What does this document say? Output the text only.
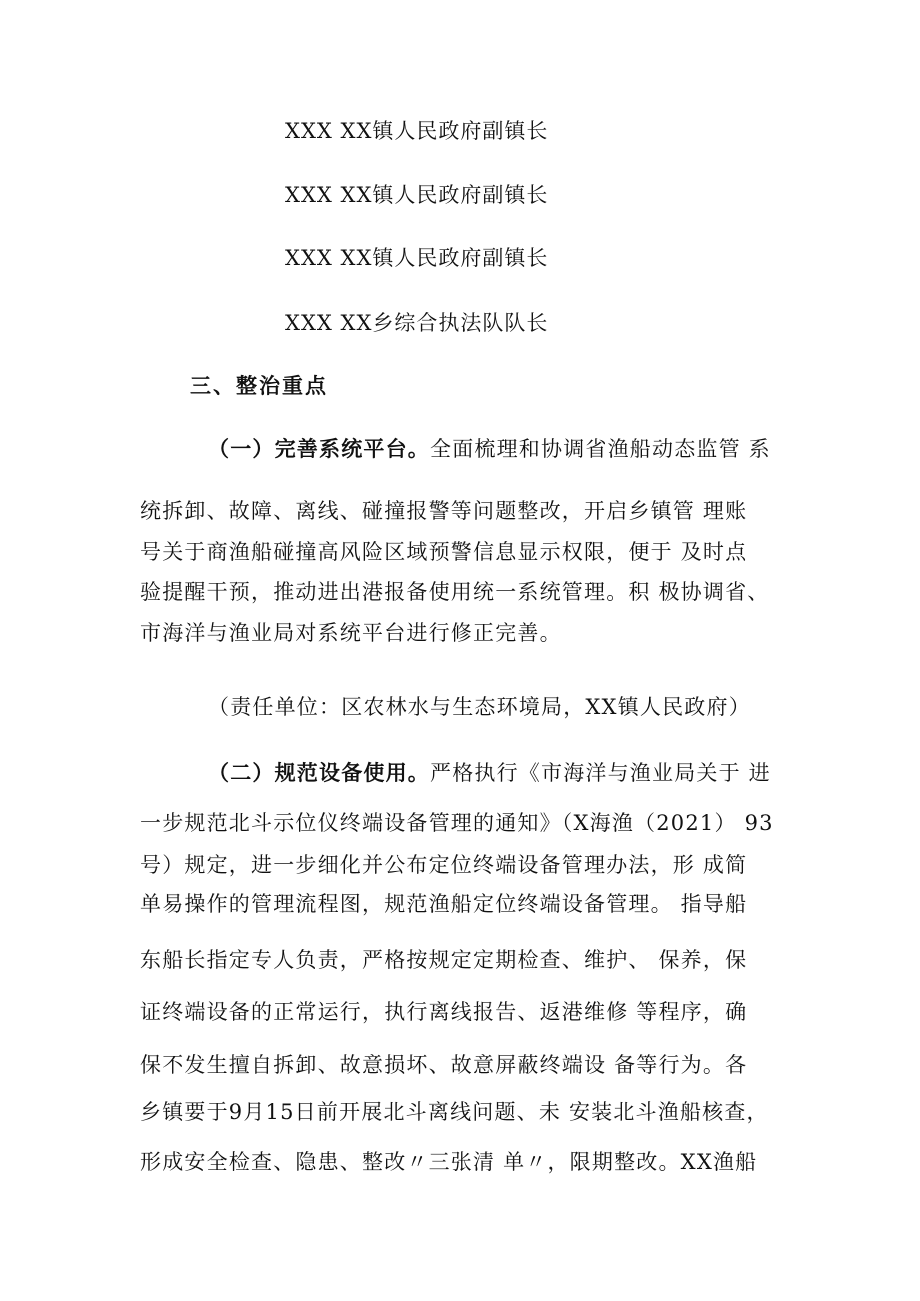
XXX XX镇人民政府副镇长
XXX XX镇人民政府副镇长
XXX XX镇人民政府副镇长
XXX XX乡综合执法队队长
三、整治重点
（一）完善系统平台。全面梳理和协调省渔船动态监管 系
统拆卸、故障、离线、碰撞报警等问题整改，开启乡镇管 理账
号关于商渔船碰撞高风险区域预警信息显示权限，便于 及时点
验提醒干预，推动进出港报备使用统一系统管理。积 极协调省、
市海洋与渔业局对系统平台进行修正完善。
（责任单位：区农林水与生态环境局，XX镇人民政府）
（二）规范设备使用。严格执行《市海洋与渔业局关于 进
一步规范北斗示位仪终端设备管理的通知》（X海渔（2021） 93
号）规定，进一步细化并公布定位终端设备管理办法，形 成简
单易操作的管理流程图，规范渔船定位终端设备管理。 指导船
东船长指定专人负责，严格按规定定期检查、维护、 保养，保
证终端设备的正常运行，执行离线报告、返港维修 等程序，确
保不发生擅自拆卸、故意损坏、故意屏蔽终端设 备等行为。各
乡镇要于9月15日前开展北斗离线问题、未 安装北斗渔船核查，
形成安全检查、隐患、整改〃三张清 单〃，限期整改。XX渔船
